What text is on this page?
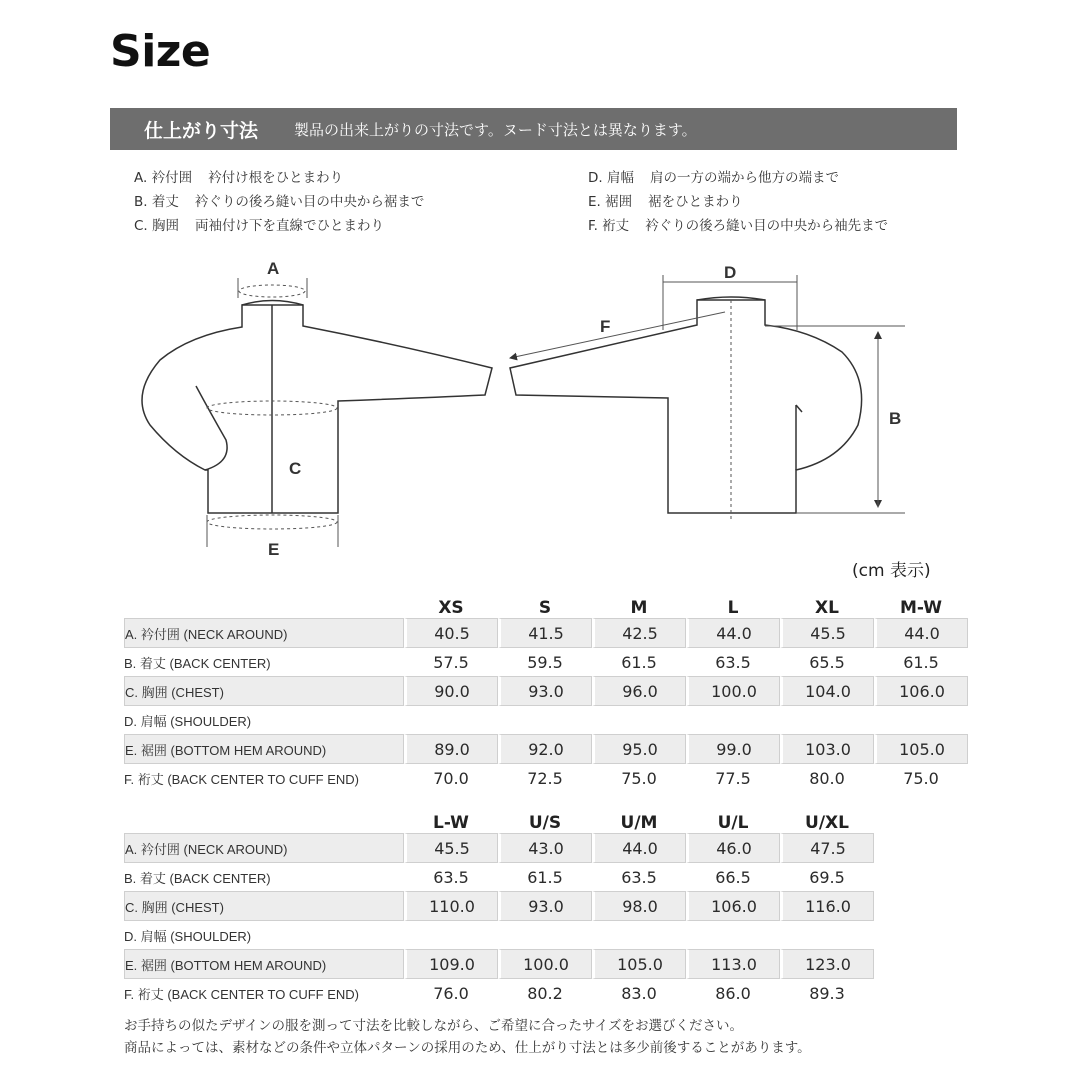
Size
仕上がり寸法 製品の出来上がりの寸法です。ヌード寸法とは異なります。
A. 衿付囲 衿付け根をひとまわり
B. 着丈 衿ぐりの後ろ縫い目の中央から裾まで
C. 胸囲 両袖付け下を直線でひとまわり
D. 肩幅 肩の一方の端から他方の端まで
E. 裾囲 裾をひとまわり
F. 裄丈 衿ぐりの後ろ縫い目の中央から袖先まで
A
C
E
D
F
B
(cm 表示)
	XS	S	M	L	XL	M-W
A. 衿付囲 (NECK AROUND)	40.5	41.5	42.5	44.0	45.5	44.0
B. 着丈 (BACK CENTER)	57.5	59.5	61.5	63.5	65.5	61.5
C. 胸囲 (CHEST)	90.0	93.0	96.0	100.0	104.0	106.0
D. 肩幅 (SHOULDER)						
E. 裾囲 (BOTTOM HEM AROUND)	89.0	92.0	95.0	99.0	103.0	105.0
F. 裄丈 (BACK CENTER TO CUFF END)	70.0	72.5	75.0	77.5	80.0	75.0
	L-W	U/S	U/M	U/L	U/XL
A. 衿付囲 (NECK AROUND)	45.5	43.0	44.0	46.0	47.5
B. 着丈 (BACK CENTER)	63.5	61.5	63.5	66.5	69.5
C. 胸囲 (CHEST)	110.0	93.0	98.0	106.0	116.0
D. 肩幅 (SHOULDER)					
E. 裾囲 (BOTTOM HEM AROUND)	109.0	100.0	105.0	113.0	123.0
F. 裄丈 (BACK CENTER TO CUFF END)	76.0	80.2	83.0	86.0	89.3
お手持ちの似たデザインの服を測って寸法を比較しながら、ご希望に合ったサイズをお選びください。
商品によっては、素材などの条件や立体パターンの採用のため、仕上がり寸法とは多少前後することがあります。
